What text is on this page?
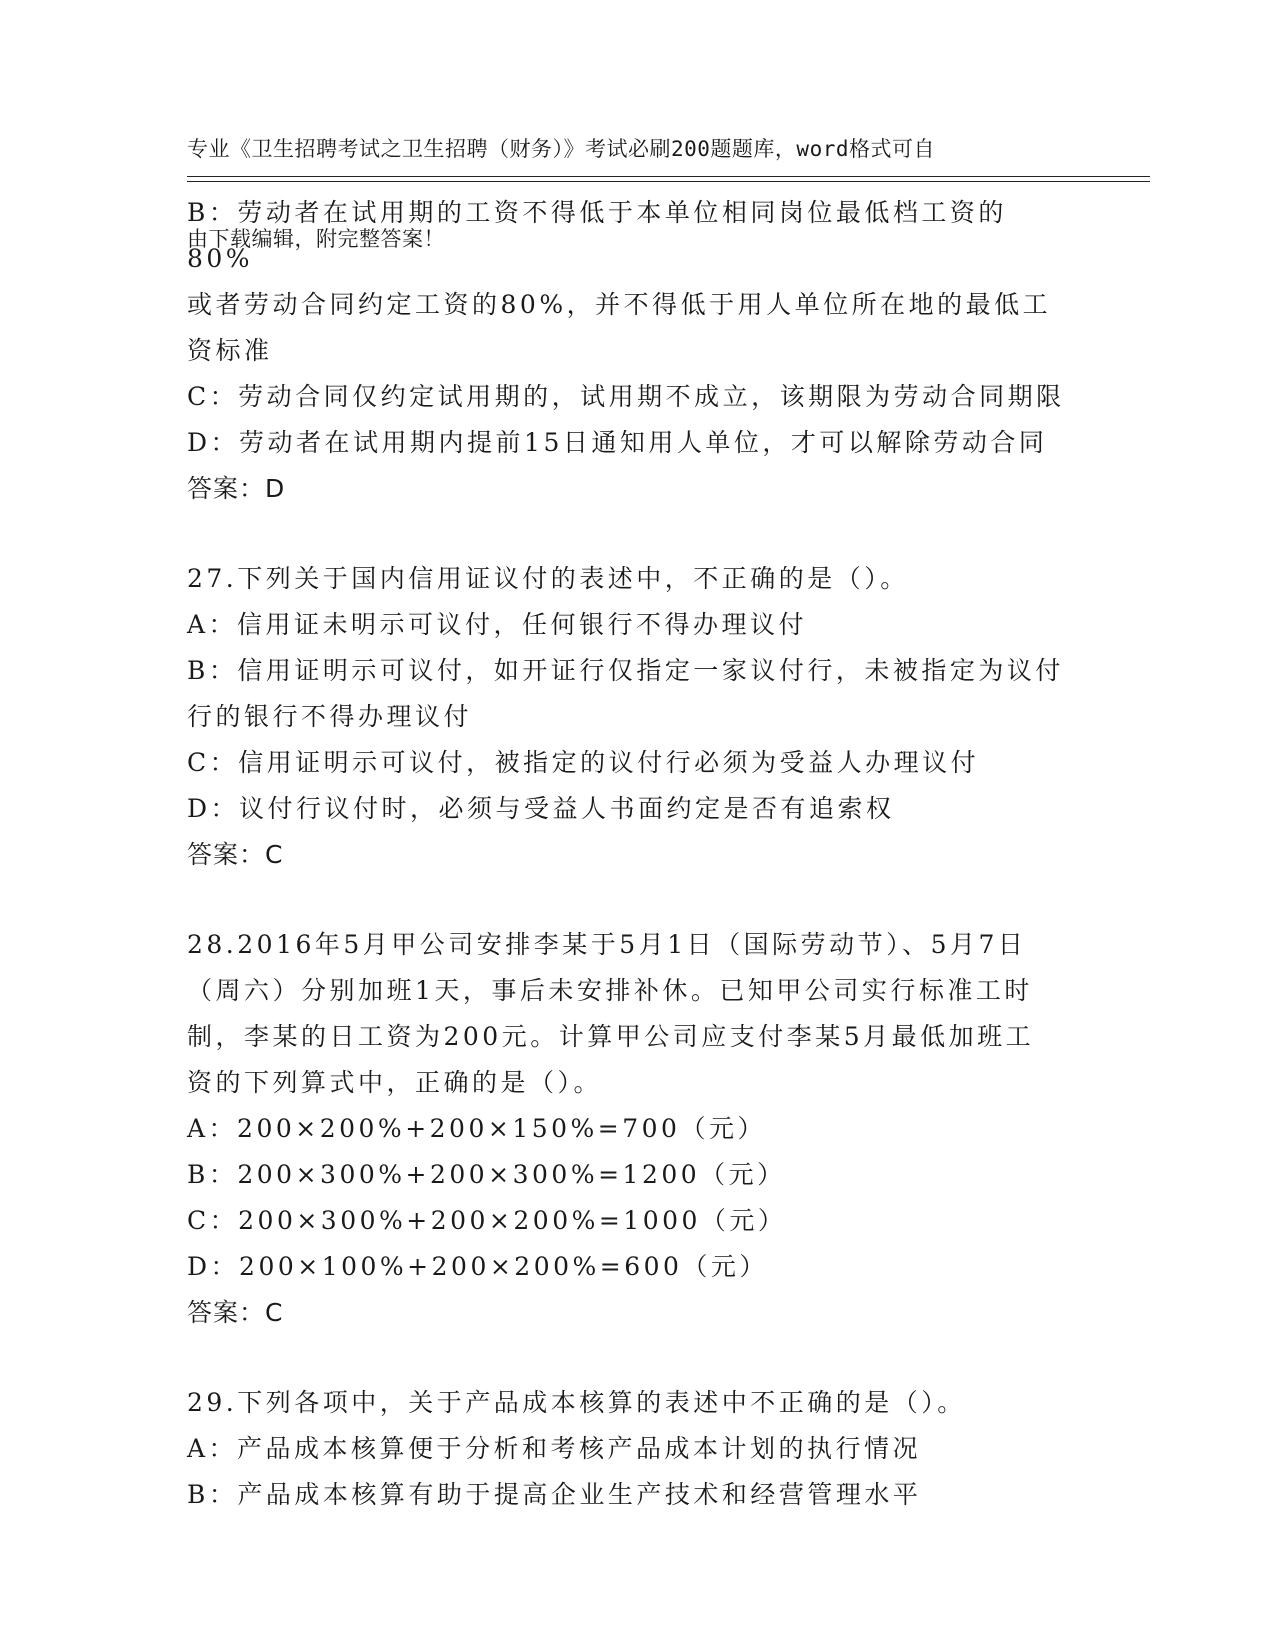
专业《卫生招聘考试之卫生招聘（财务）》考试必刷200题题库，word格式可自

由下载编辑，附完整答案！

B：劳动者在试用期的工资不得低于本单位相同岗位最低档工资的80%

或者劳动合同约定工资的80%，并不得低于用人单位所在地的最低工

资标准

C：劳动合同仅约定试用期的，试用期不成立，该期限为劳动合同期限

D：劳动者在试用期内提前15日通知用人单位，才可以解除劳动合同

答案：D

27.下列关于国内信用证议付的表述中，不正确的是（）。

A：信用证未明示可议付，任何银行不得办理议付

B：信用证明示可议付，如开证行仅指定一家议付行，未被指定为议付

行的银行不得办理议付

C：信用证明示可议付，被指定的议付行必须为受益人办理议付

D：议付行议付时，必须与受益人书面约定是否有追索权

答案：C

28.2016年5月甲公司安排李某于5月1日（国际劳动节）、5月7日

（周六）分别加班1天，事后未安排补休。已知甲公司实行标准工时

制，李某的日工资为200元。计算甲公司应支付李某5月最低加班工

资的下列算式中，正确的是（）。

A：200×200%+200×150%=700（元）

B：200×300%+200×300%=1200（元）

C：200×300%+200×200%=1000（元）

D：200×100%+200×200%=600（元）

答案：C

29.下列各项中，关于产品成本核算的表述中不正确的是（）。

A：产品成本核算便于分析和考核产品成本计划的执行情况

B：产品成本核算有助于提高企业生产技术和经营管理水平
